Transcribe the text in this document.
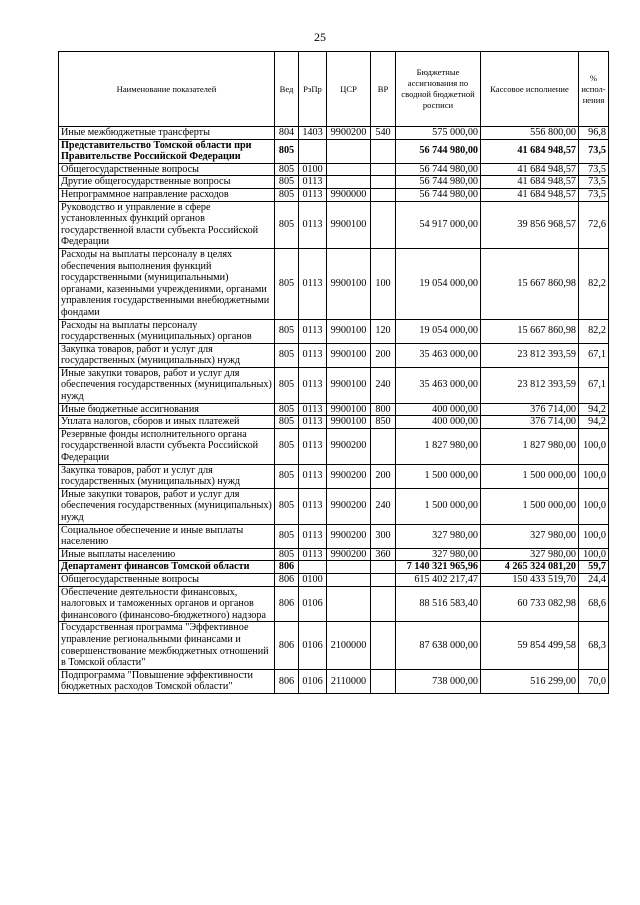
25
Наименование показателей	Вед	РзПр	ЦСР	ВР	Бюджетные ассигнования по сводной бюджетной росписи	Кассовое исполнение	% испол-нения
Иные межбюджетные трансферты	804	1403	9900200	540	575 000,00	556 800,00	96,8
Представительство Томской области при Правительстве Российской Федерации	805				56 744 980,00	41 684 948,57	73,5
Общегосударственные вопросы	805	0100			56 744 980,00	41 684 948,57	73,5
Другие общегосударственные вопросы	805	0113			56 744 980,00	41 684 948,57	73,5
Непрограммное направление расходов	805	0113	9900000		56 744 980,00	41 684 948,57	73,5
Руководство и управление в сфере установленных функций органов государственной власти субъекта Российской Федерации	805	0113	9900100		54 917 000,00	39 856 968,57	72,6
Расходы на выплаты персоналу в целях обеспечения выполнения функций государственными (муниципальными) органами, казенными учреждениями, органами управления государственными внебюджетными фондами	805	0113	9900100	100	19 054 000,00	15 667 860,98	82,2
Расходы на выплаты персоналу государственных (муниципальных) органов	805	0113	9900100	120	19 054 000,00	15 667 860,98	82,2
Закупка товаров, работ и услуг для государственных (муниципальных) нужд	805	0113	9900100	200	35 463 000,00	23 812 393,59	67,1
Иные закупки товаров, работ и услуг для обеспечения государственных (муниципальных) нужд	805	0113	9900100	240	35 463 000,00	23 812 393,59	67,1
Иные бюджетные ассигнования	805	0113	9900100	800	400 000,00	376 714,00	94,2
Уплата налогов, сборов и иных платежей	805	0113	9900100	850	400 000,00	376 714,00	94,2
Резервные фонды исполнительного органа государственной власти субъекта Российской Федерации	805	0113	9900200		1 827 980,00	1 827 980,00	100,0
Закупка товаров, работ и услуг для государственных (муниципальных) нужд	805	0113	9900200	200	1 500 000,00	1 500 000,00	100,0
Иные закупки товаров, работ и услуг для обеспечения государственных (муниципальных) нужд	805	0113	9900200	240	1 500 000,00	1 500 000,00	100,0
Социальное обеспечение и иные выплаты населению	805	0113	9900200	300	327 980,00	327 980,00	100,0
Иные выплаты населению	805	0113	9900200	360	327 980,00	327 980,00	100,0
Департамент финансов Томской области	806				7 140 321 965,96	4 265 324 081,20	59,7
Общегосударственные вопросы	806	0100			615 402 217,47	150 433 519,70	24,4
Обеспечение деятельности финансовых, налоговых и таможенных органов и органов финансового (финансово-бюджетного) надзора	806	0106			88 516 583,40	60 733 082,98	68,6
Государственная программа "Эффективное управление региональными финансами и совершенствование межбюджетных отношений в Томской области"	806	0106	2100000		87 638 000,00	59 854 499,58	68,3
Подпрограмма "Повышение эффективности бюджетных расходов Томской области"	806	0106	2110000		738 000,00	516 299,00	70,0
